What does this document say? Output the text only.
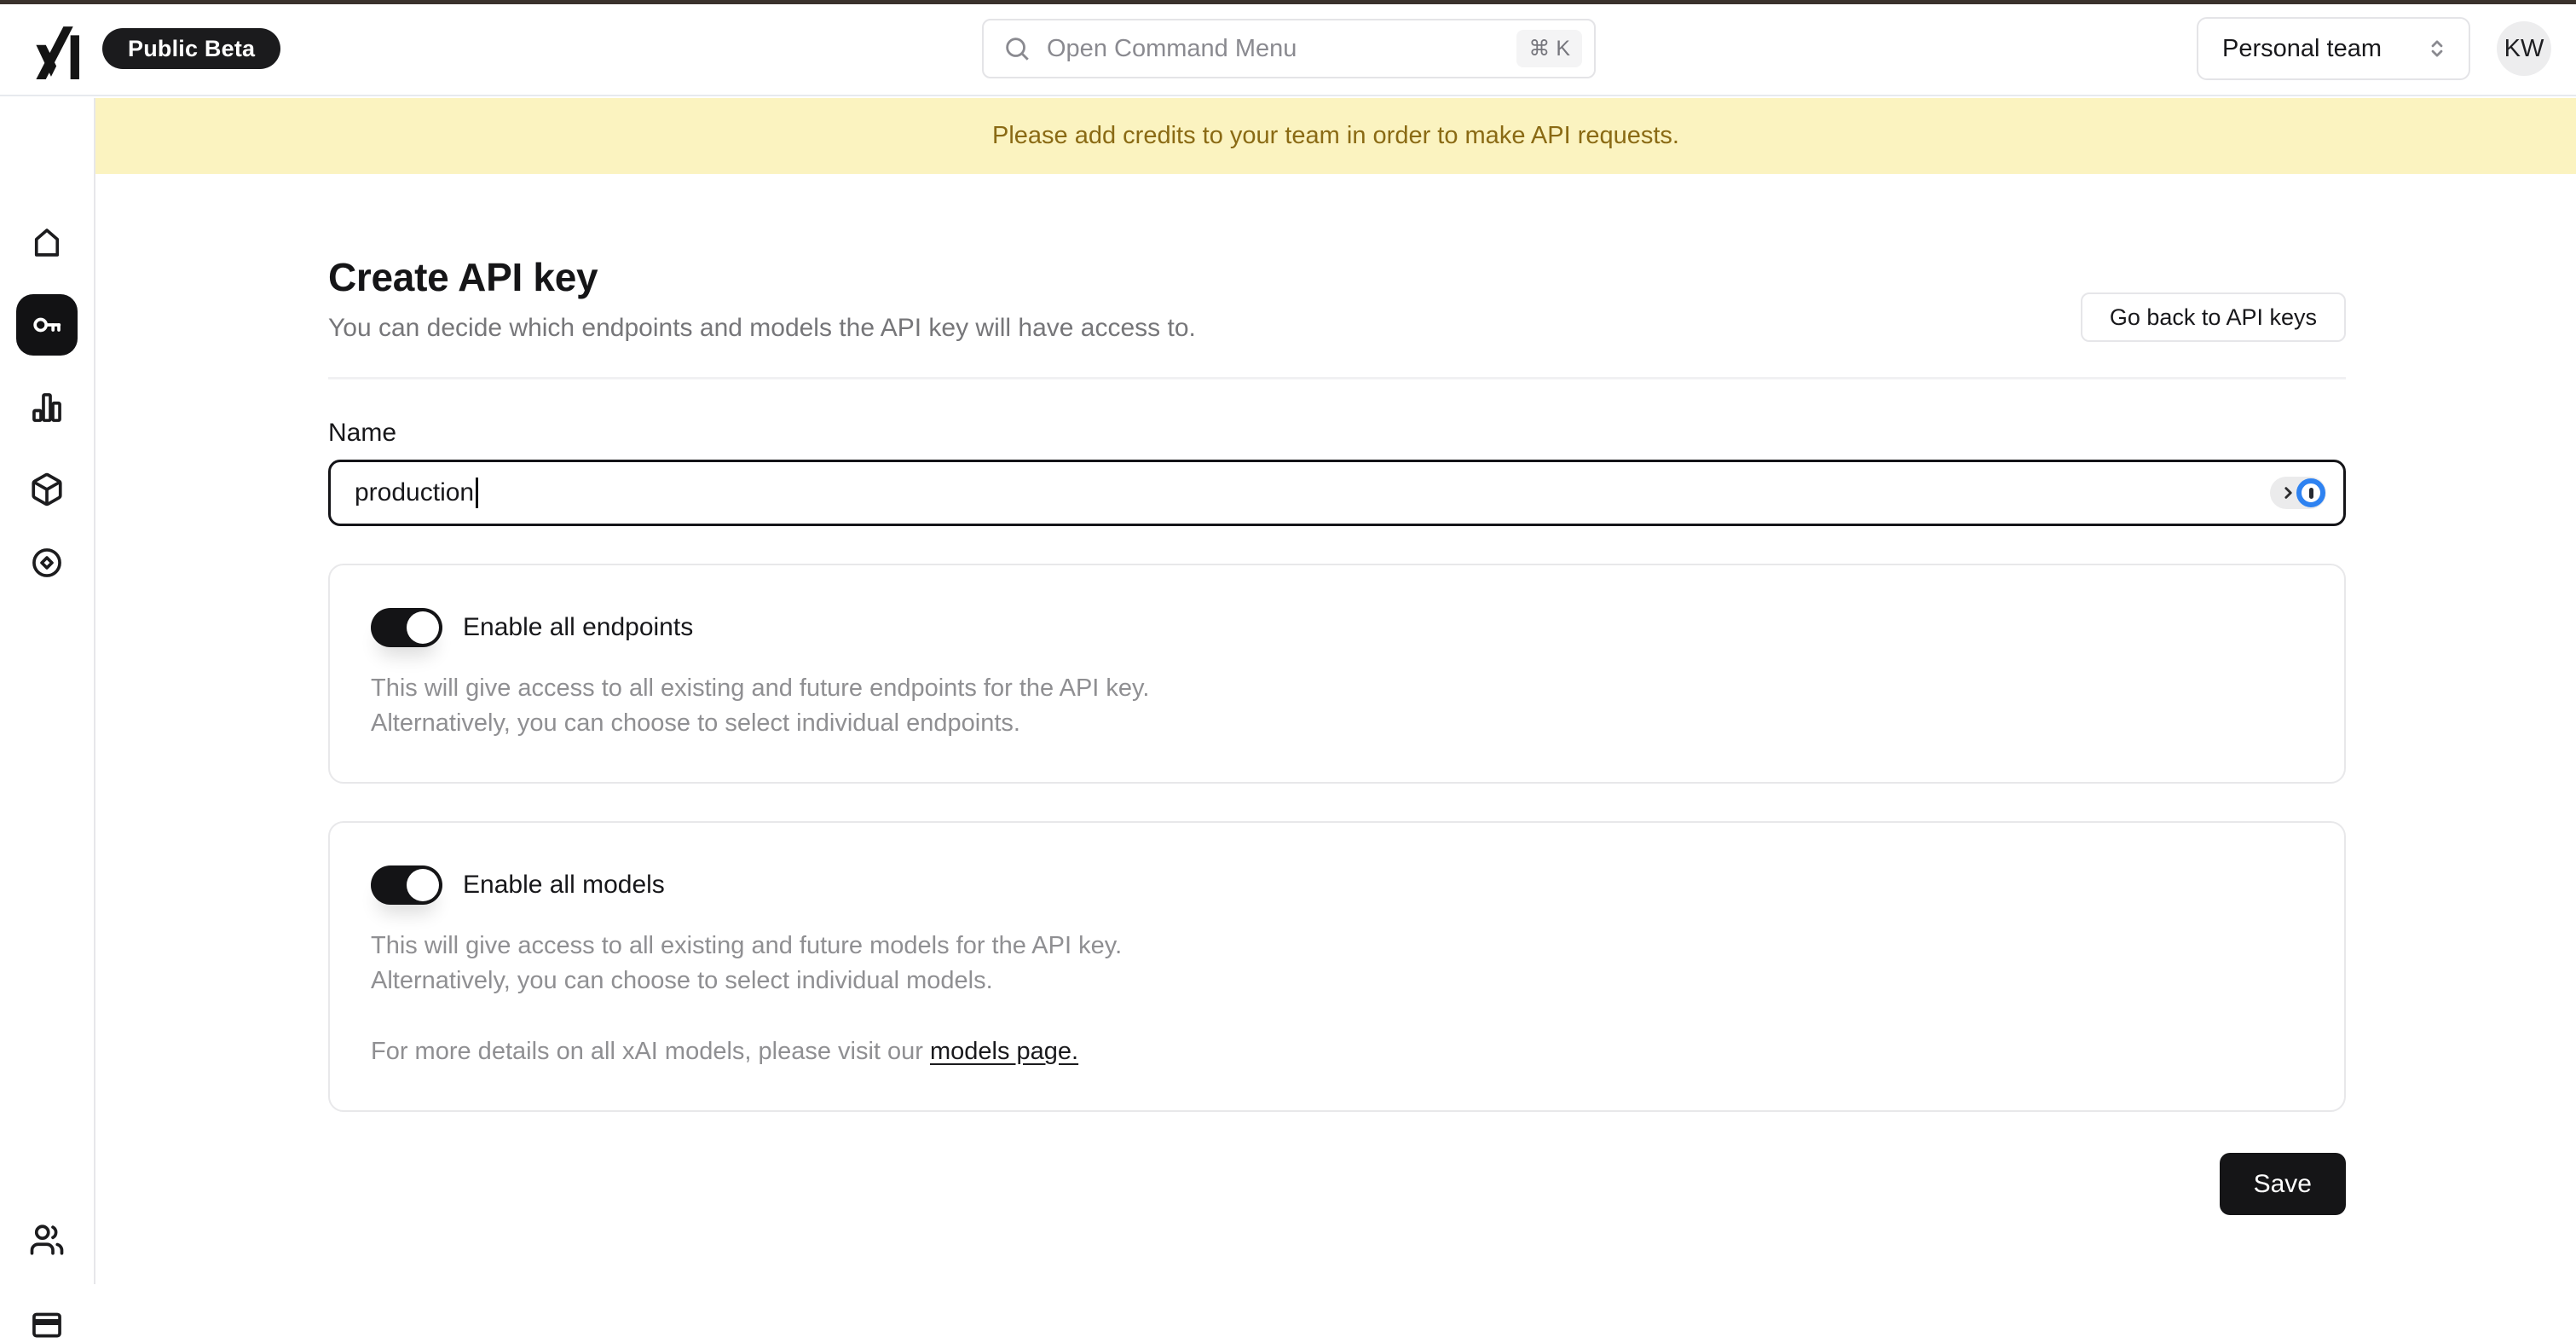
Public Beta
Open Command Menu	⌘ K	Personal team	KW
Please add credits to your team in order to make API requests.
Create API key
You can decide which endpoints and models the API key will have access to.	Go back to API keys
Name
production
Enable all endpoints
This will give access to all existing and future endpoints for the API key.
Alternatively, you can choose to select individual endpoints.
Enable all models
This will give access to all existing and future models for the API key.
Alternatively, you can choose to select individual models.
For more details on all xAI models, please visit our models page.
Save
